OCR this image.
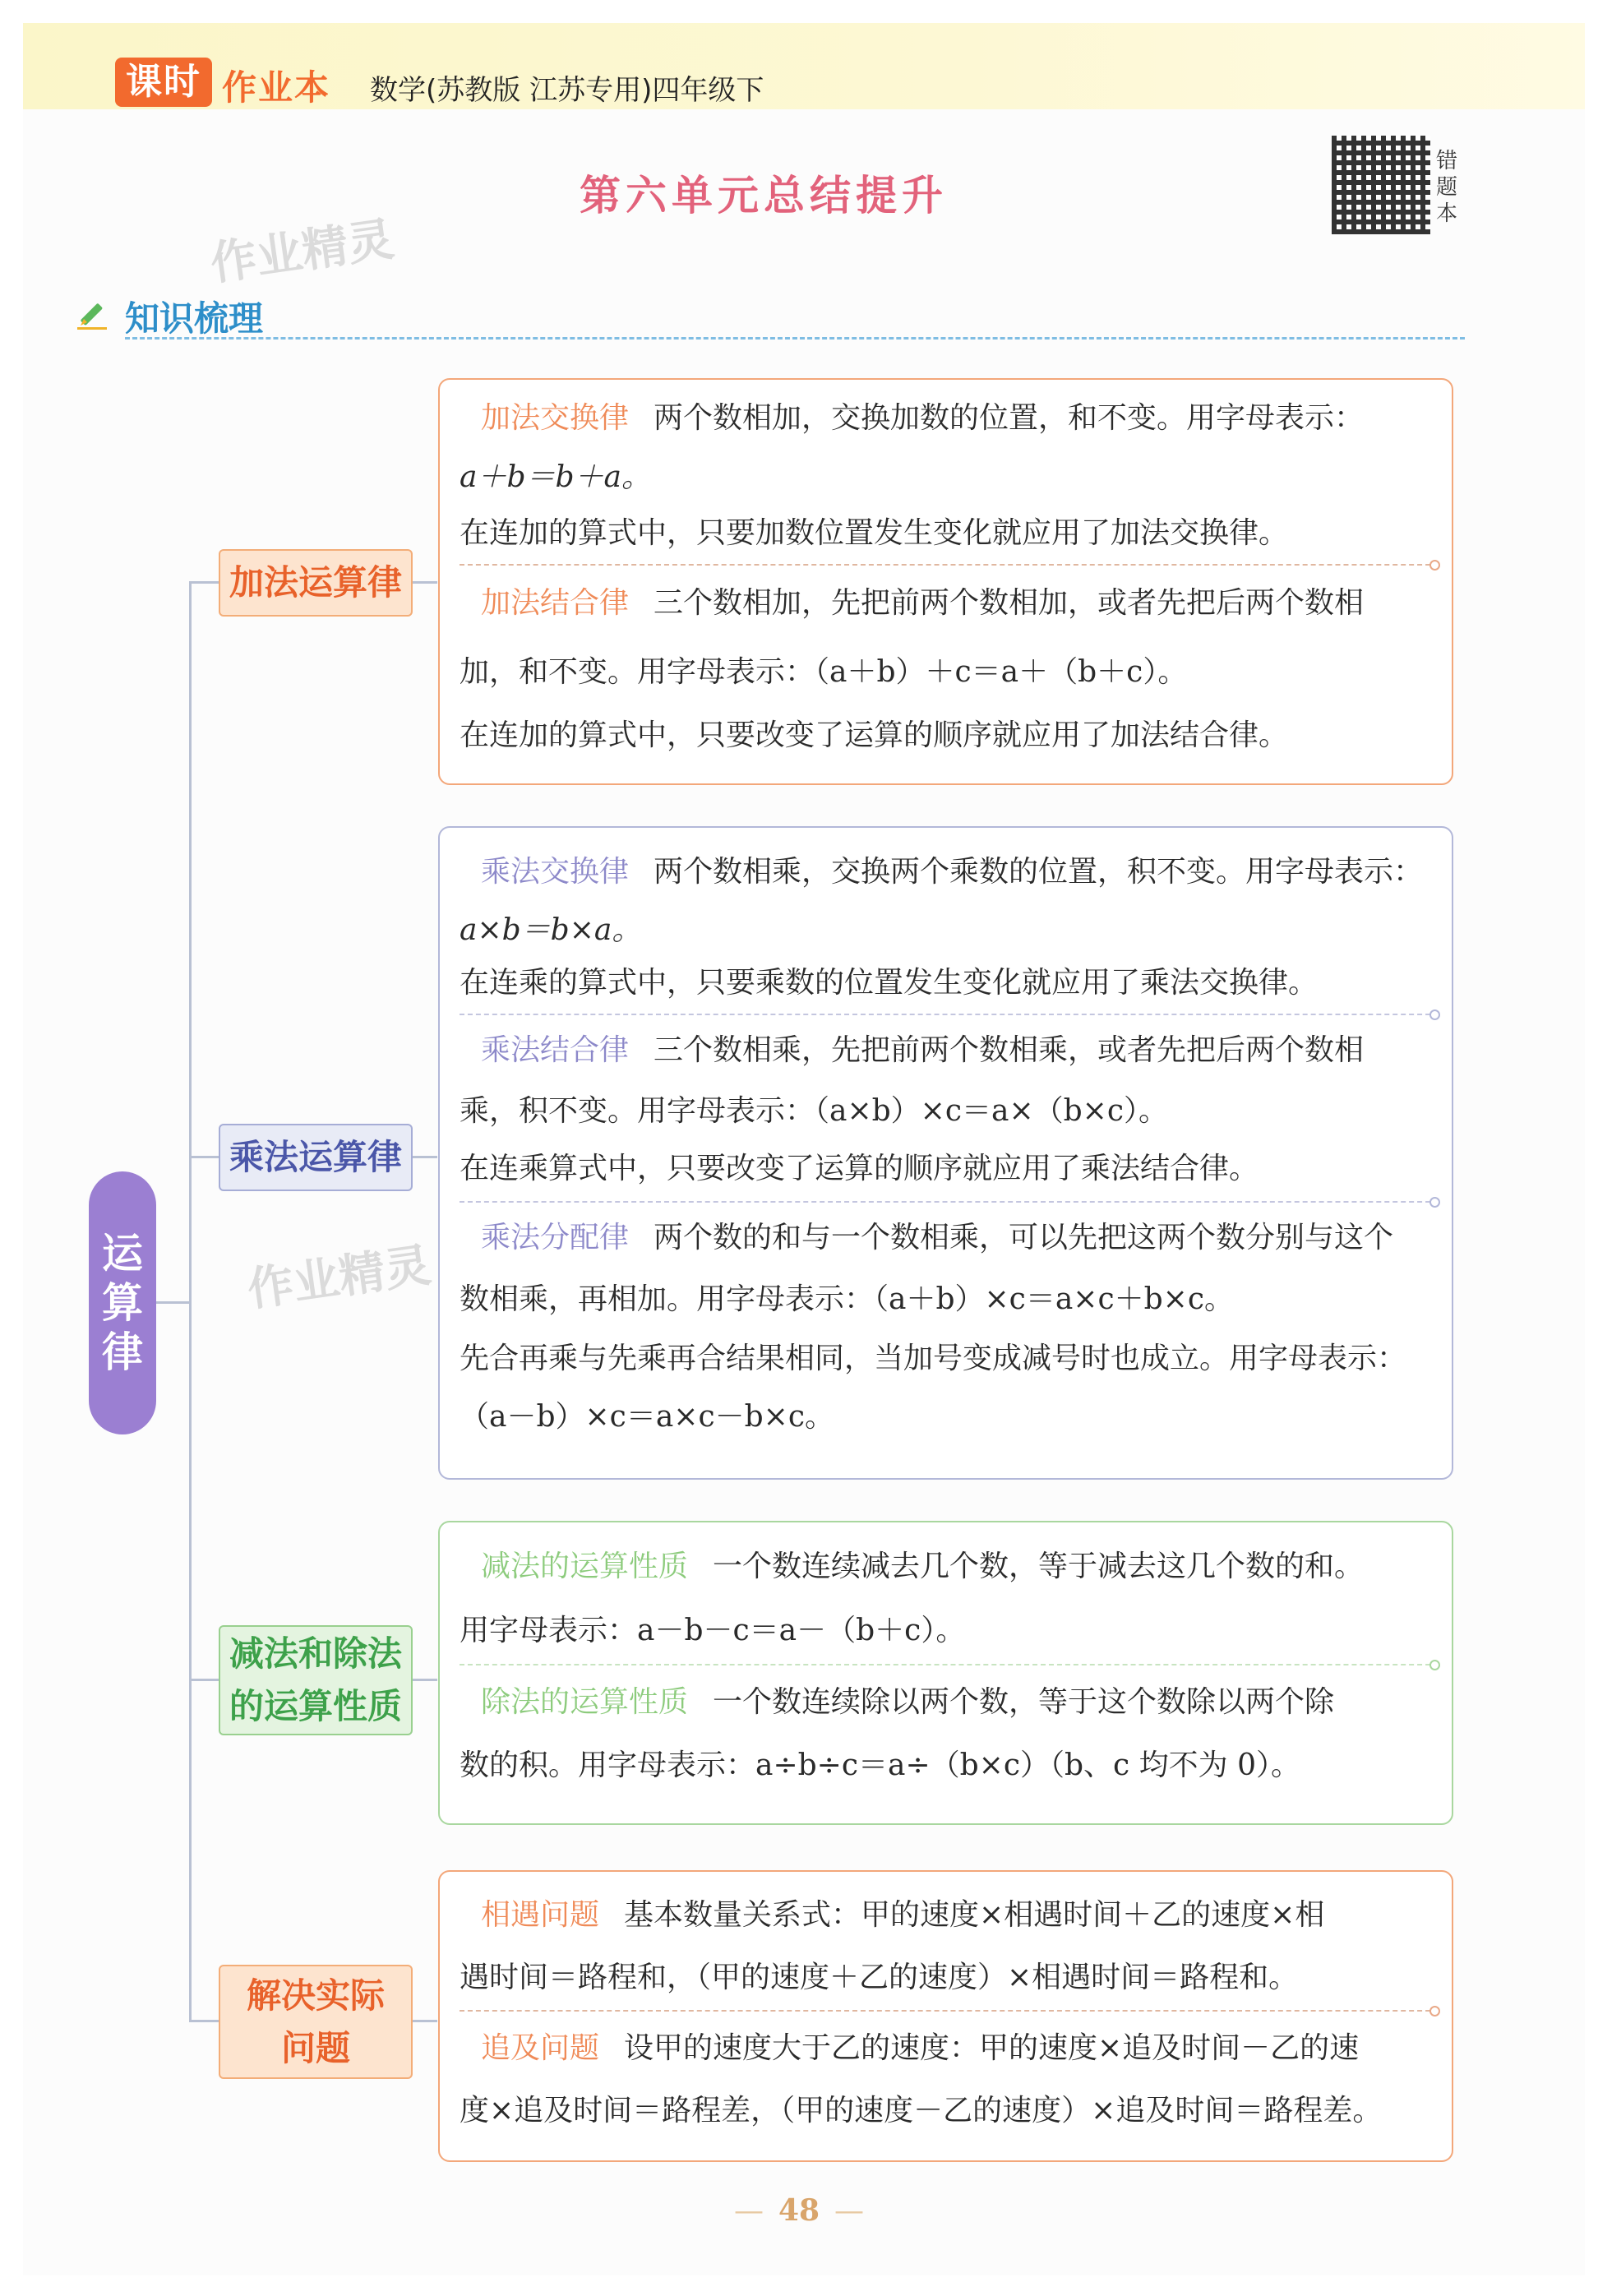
课时 作业本 数学(苏教版 江苏专用)四年级下
第六单元总结提升
错题本
作业精灵
作业精灵
知识梳理
运
算
律
加法运算律
乘法运算律
减法和除法
的运算性质
解决实际
问题
加法交换律 两个数相加，交换加数的位置，和不变。用字母表示：
a＋b＝b＋a。
在连加的算式中，只要加数位置发生变化就应用了加法交换律。
加法结合律 三个数相加，先把前两个数相加，或者先把后两个数相
加，和不变。用字母表示：（a＋b）＋c＝a＋（b＋c）。
在连加的算式中，只要改变了运算的顺序就应用了加法结合律。
乘法交换律 两个数相乘，交换两个乘数的位置，积不变。用字母表示：
a×b＝b×a。
在连乘的算式中，只要乘数的位置发生变化就应用了乘法交换律。
乘法结合律 三个数相乘，先把前两个数相乘，或者先把后两个数相
乘，积不变。用字母表示：（a×b）×c＝a×（b×c）。
在连乘算式中，只要改变了运算的顺序就应用了乘法结合律。
乘法分配律 两个数的和与一个数相乘，可以先把这两个数分别与这个
数相乘，再相加。用字母表示：（a＋b）×c＝a×c＋b×c。
先合再乘与先乘再合结果相同，当加号变成减号时也成立。用字母表示：
（a－b）×c＝a×c－b×c。
减法的运算性质 一个数连续减去几个数，等于减去这几个数的和。
用字母表示：a－b－c＝a－（b＋c）。
除法的运算性质 一个数连续除以两个数，等于这个数除以两个除
数的积。用字母表示：a÷b÷c＝a÷（b×c）（b、c 均不为 0）。
相遇问题 基本数量关系式：甲的速度×相遇时间＋乙的速度×相
遇时间＝路程和，（甲的速度＋乙的速度）×相遇时间＝路程和。
追及问题 设甲的速度大于乙的速度：甲的速度×追及时间－乙的速
度×追及时间＝路程差，（甲的速度－乙的速度）×追及时间＝路程差。
— 48 —
